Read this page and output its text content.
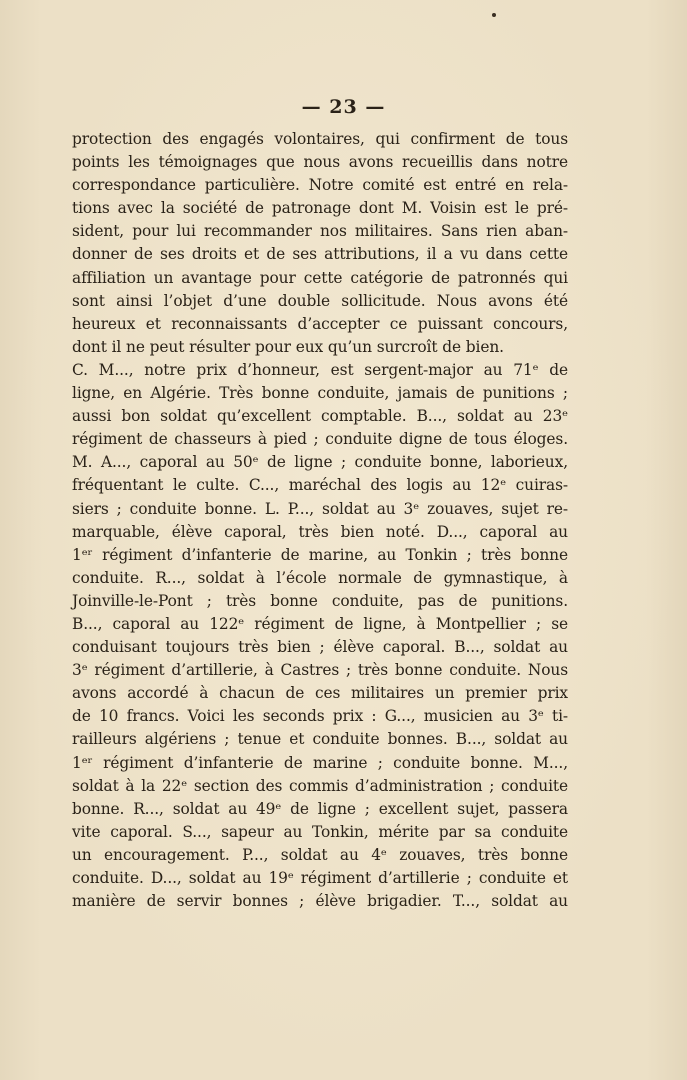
— 23 —
protection des engagés volontaires, qui confirment de tous
points les témoignages que nous avons recueillis dans notre
correspondance particulière. Notre comité est entré en rela-
tions avec la société de patronage dont M. Voisin est le pré-
sident, pour lui recommander nos militaires. Sans rien aban-
donner de ses droits et de ses attributions, il a vu dans cette
affiliation un avantage pour cette catégorie de patronnés qui
sont ainsi l’objet d’une double sollicitude. Nous avons été
heureux et reconnaissants d’accepter ce puissant concours,
dont il ne peut résulter pour eux qu’un surcroît de bien.
C. M..., notre prix d’honneur, est sergent-major au 71ᵉ de
ligne, en Algérie. Très bonne conduite, jamais de punitions ;
aussi bon soldat qu’excellent comptable. B..., soldat au 23ᵉ
régiment de chasseurs à pied ; conduite digne de tous éloges.
M. A..., caporal au 50ᵉ de ligne ; conduite bonne, laborieux,
fréquentant le culte. C..., maréchal des logis au 12ᵉ cuiras-
siers ; conduite bonne. L. P..., soldat au 3ᵉ zouaves, sujet re-
marquable, élève caporal, très bien noté. D..., caporal au
1ᵉʳ régiment d’infanterie de marine, au Tonkin ; très bonne
conduite. R..., soldat à l’école normale de gymnastique, à
Joinville-le-Pont ; très bonne conduite, pas de punitions.
B..., caporal au 122ᵉ régiment de ligne, à Montpellier ; se
conduisant toujours très bien ; élève caporal. B..., soldat au
3ᵉ régiment d’artillerie, à Castres ; très bonne conduite. Nous
avons accordé à chacun de ces militaires un premier prix
de 10 francs. Voici les seconds prix : G..., musicien au 3ᵉ ti-
railleurs algériens ; tenue et conduite bonnes. B..., soldat au
1ᵉʳ régiment d’infanterie de marine ; conduite bonne. M...,
soldat à la 22ᵉ section des commis d’administration ; conduite
bonne. R..., soldat au 49ᵉ de ligne ; excellent sujet, passera
vite caporal. S..., sapeur au Tonkin, mérite par sa conduite
un encouragement. P..., soldat au 4ᵉ zouaves, très bonne
conduite. D..., soldat au 19ᵉ régiment d’artillerie ; conduite et
manière de servir bonnes ; élève brigadier. T..., soldat au
